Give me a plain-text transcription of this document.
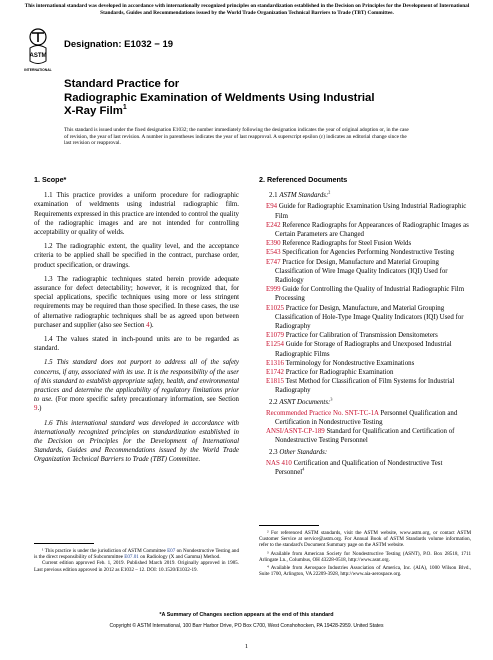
This international standard was developed in accordance with internationally recognized principles on standardization established in the Decision on Principles for the Development of International Standards, Guides and Recommendations issued by the World Trade Organization Technical Barriers to Trade (TBT) Committee.
ASTM
INTERNATIONAL
Designation: E1032 − 19
Standard Practice for
Radiographic Examination of Weldments Using Industrial
X-Ray Film$^1$
This standard is issued under the fixed designation E1032; the number immediately following the designation indicates the year of original adoption or, in the case of revision, the year of last revision. A number in parentheses indicates the year of last reapproval. A superscript epsilon (ε) indicates an editorial change since the last revision or reapproval.
1. Scope*

1.1 This practice provides a uniform procedure for radiographic examination of weldments using industrial radiographic film. Requirements expressed in this practice are intended to control the quality of the radiographic images and are not intended for controlling acceptability or quality of welds.

1.2 The radiographic extent, the quality level, and the acceptance criteria to be applied shall be specified in the contract, purchase order, product specification, or drawings.

1.3 The radiographic techniques stated herein provide adequate assurance for defect detectability; however, it is recognized that, for special applications, specific techniques using more or less stringent requirements may be required than those specified. In these cases, the use of alternative radiographic techniques shall be as agreed upon between purchaser and supplier (also see Section 4).

1.4 The values stated in inch-pound units are to be regarded as standard.

1.5 This standard does not purport to address all of the safety concerns, if any, associated with its use. It is the responsibility of the user of this standard to establish appropriate safety, health, and environmental practices and determine the applicability of regulatory limitations prior to use. (For more specific safety precautionary information, see Section 9.)

1.6 This international standard was developed in accordance with internationally recognized principles on standardization established in the Decision on Principles for the Development of International Standards, Guides and Recommendations issued by the World Trade Organization Technical Barriers to Trade (TBT) Committee.

2. Referenced Documents
2.1 ASTM Standards:$^2$
E94 Guide for Radiographic Examination Using Industrial Radiographic Film
E242 Reference Radiographs for Appearances of Radiographic Images as Certain Parameters are Changed
E390 Reference Radiographs for Steel Fusion Welds
E543 Specification for Agencies Performing Nondestructive Testing
E747 Practice for Design, Manufacture and Material Grouping Classification of Wire Image Quality Indicators (IQI) Used for Radiology
E999 Guide for Controlling the Quality of Industrial Radiographic Film Processing
E1025 Practice for Design, Manufacture, and Material Grouping Classification of Hole-Type Image Quality Indicators (IQI) Used for Radiography
E1079 Practice for Calibration of Transmission Densitometers
E1254 Guide for Storage of Radiographs and Unexposed Industrial Radiographic Films
E1316 Terminology for Nondestructive Examinations
E1742 Practice for Radiographic Examination
E1815 Test Method for Classification of Film Systems for Industrial Radiography
2.2 ASNT Documents:$^3$
Recommended Practice No. SNT-TC-1A Personnel Qualification and Certification in Nondestructive Testing
ANSI/ASNT-CP-189 Standard for Qualification and Certification of Nondestructive Testing Personnel
2.3 Other Standards:
NAS 410 Certification and Qualification of Nondestructive Test Personnel$^4$
¹ This practice is under the jurisdiction of ASTM Committee E07 on Nondestructive Testing and is the direct responsibility of Subcommittee E07.01 on Radiology (X and Gamma) Method.
Current edition approved Feb. 1, 2019. Published March 2019. Originally approved in 1985. Last previous edition approved in 2012 as E1032 – 12. DOI: 10.1520/E1032-19.
² For referenced ASTM standards, visit the ASTM website, www.astm.org, or contact ASTM Customer Service at service@astm.org. For Annual Book of ASTM Standards volume information, refer to the standard's Document Summary page on the ASTM website.
³ Available from American Society for Nondestructive Testing (ASNT), P.O. Box 28518, 1711 Arlingate Ln., Columbus, OH 43228-0518, http://www.asnt.org.
⁴ Available from Aerospace Industries Association of America, Inc. (AIA), 1000 Wilson Blvd., Suite 1700, Arlington, VA 22209-3928, http://www.aia-aerospace.org.
*A Summary of Changes section appears at the end of this standard
Copyright © ASTM International, 100 Barr Harbor Drive, PO Box C700, West Conshohocken, PA 19428-2959. United States
1
